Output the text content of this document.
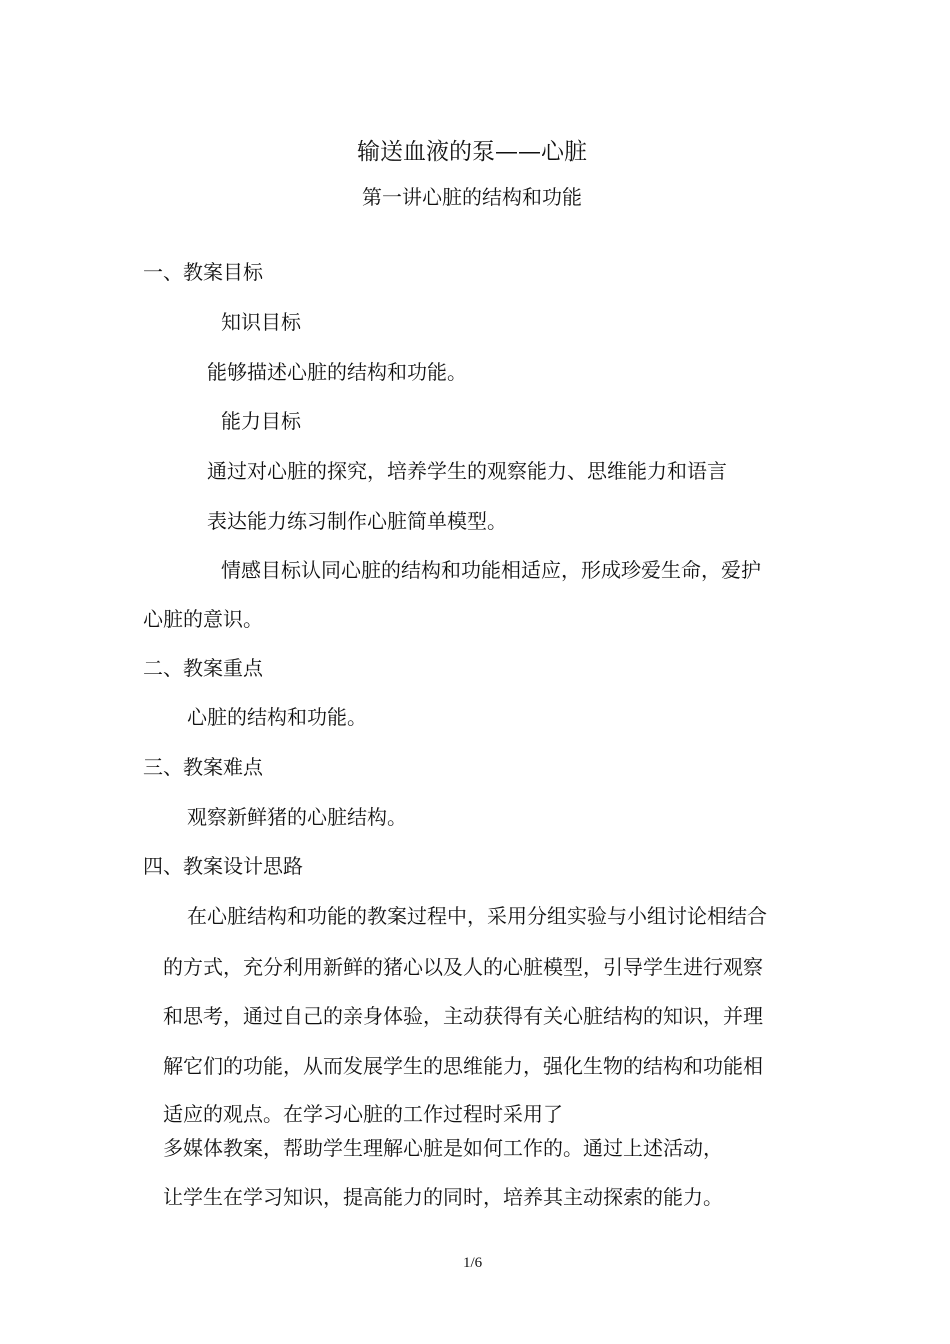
输送血液的泵——心脏
第一讲心脏的结构和功能
一、教案目标
知识目标
能够描述心脏的结构和功能。
能力目标
通过对心脏的探究，培养学生的观察能力、思维能力和语言
表达能力练习制作心脏简单模型。
情感目标认同心脏的结构和功能相适应，形成珍爱生命，爱护
心脏的意识。
二、教案重点
心脏的结构和功能。
三、教案难点
观察新鲜猪的心脏结构。
四、教案设计思路
在心脏结构和功能的教案过程中，采用分组实验与小组讨论相结合
的方式，充分利用新鲜的猪心以及人的心脏模型，引导学生进行观察
和思考，通过自己的亲身体验，主动获得有关心脏结构的知识，并理
解它们的功能，从而发展学生的思维能力，强化生物的结构和功能相
适应的观点。在学习心脏的工作过程时采用了
多媒体教案，帮助学生理解心脏是如何工作的。通过上述活动，
让学生在学习知识，提高能力的同时，培养其主动探索的能力。
1/6
